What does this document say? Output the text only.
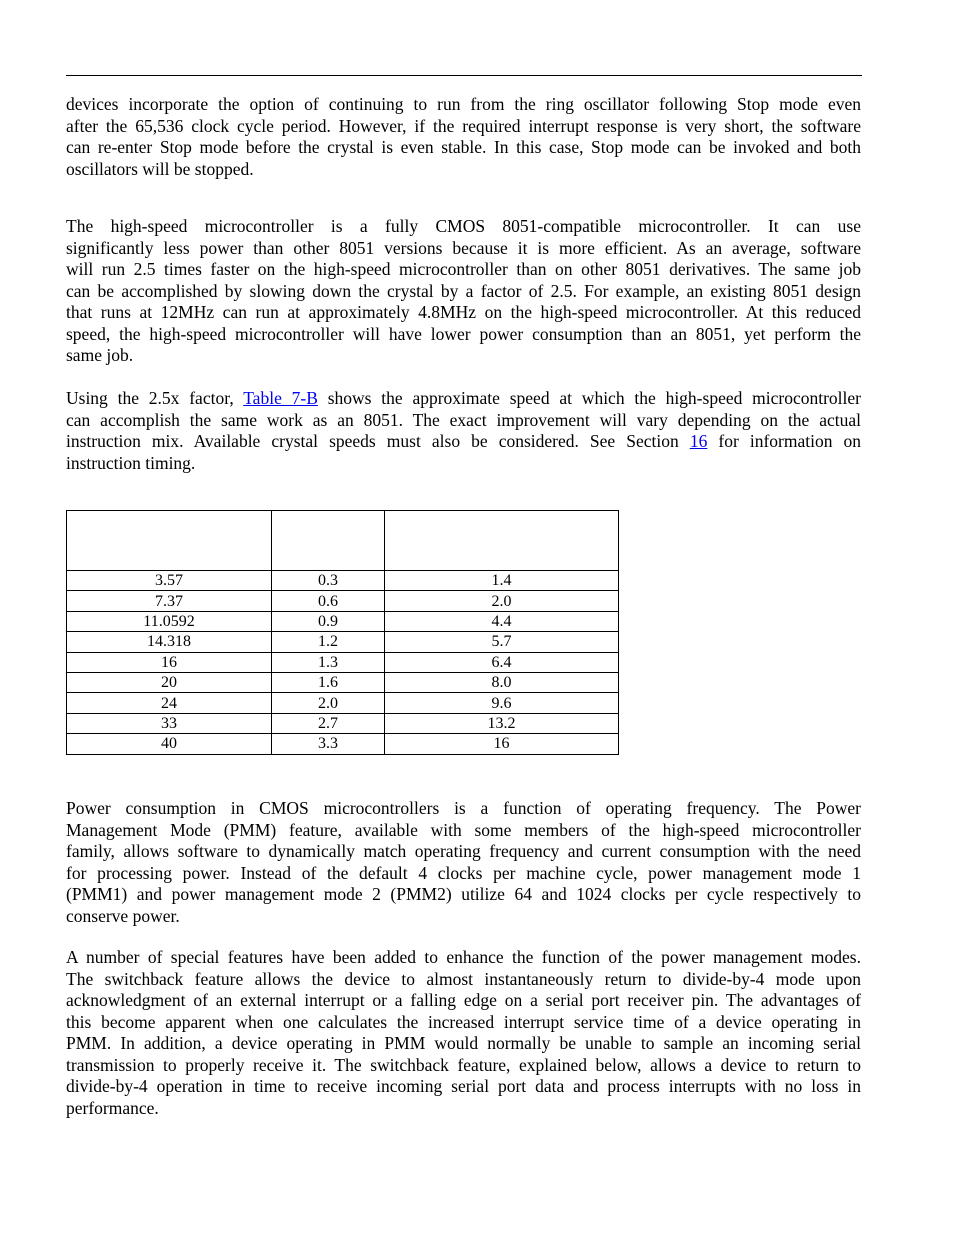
devices incorporate the option of continuing to run from the ring oscillator following Stop mode even
after the 65,536 clock cycle period. However, if the required interrupt response is very short, the software
can re-enter Stop mode before the crystal is even stable. In this case, Stop mode can be invoked and both
oscillators will be stopped.
The high-speed microcontroller is a fully CMOS 8051-compatible microcontroller. It can use
significantly less power than other 8051 versions because it is more efficient. As an average, software
will run 2.5 times faster on the high-speed microcontroller than on other 8051 derivatives. The same job
can be accomplished by slowing down the crystal by a factor of 2.5. For example, an existing 8051 design
that runs at 12MHz can run at approximately 4.8MHz on the high-speed microcontroller. At this reduced
speed, the high-speed microcontroller will have lower power consumption than an 8051, yet perform the
same job.
Using the 2.5x factor, Table 7-B shows the approximate speed at which the high-speed microcontroller
can accomplish the same work as an 8051. The exact improvement will vary depending on the actual
instruction mix. Available crystal speeds must also be considered. See Section 16 for information on
instruction timing.

3.57	0.3	1.4
7.37	0.6	2.0
11.0592	0.9	4.4
14.318	1.2	5.7
16	1.3	6.4
20	1.6	8.0
24	2.0	9.6
33	2.7	13.2
40	3.3	16
Power consumption in CMOS microcontrollers is a function of operating frequency. The Power
Management Mode (PMM) feature, available with some members of the high-speed microcontroller
family, allows software to dynamically match operating frequency and current consumption with the need
for processing power. Instead of the default 4 clocks per machine cycle, power management mode 1
(PMM1) and power management mode 2 (PMM2) utilize 64 and 1024 clocks per cycle respectively to
conserve power.
A number of special features have been added to enhance the function of the power management modes.
The switchback feature allows the device to almost instantaneously return to divide-by-4 mode upon
acknowledgment of an external interrupt or a falling edge on a serial port receiver pin. The advantages of
this become apparent when one calculates the increased interrupt service time of a device operating in
PMM. In addition, a device operating in PMM would normally be unable to sample an incoming serial
transmission to properly receive it. The switchback feature, explained below, allows a device to return to
divide-by-4 operation in time to receive incoming serial port data and process interrupts with no loss in
performance.
